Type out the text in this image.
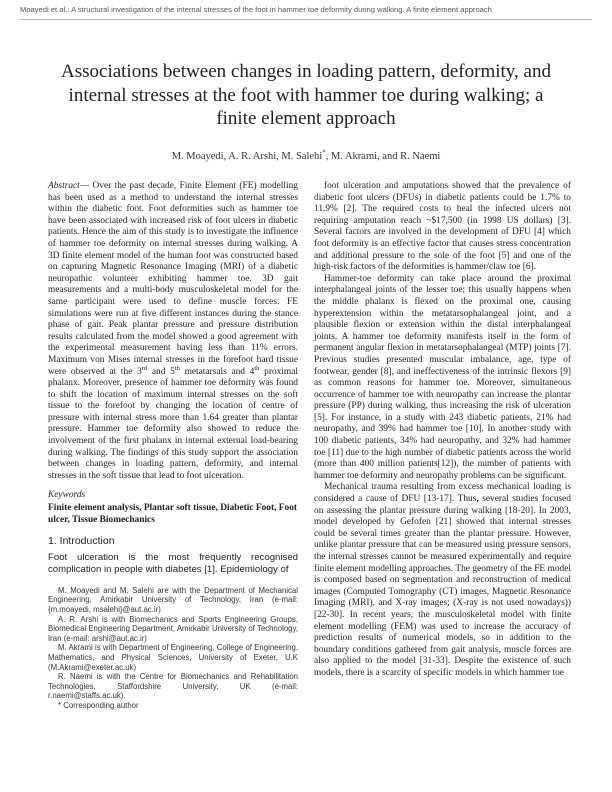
Moayedi et al.: A structural investigation of the internal stresses of the foot in hammer toe deformity during walking. A finite element approach
Associations between changes in loading pattern, deformity, and internal stresses at the foot with hammer toe during walking; a finite element approach
M. Moayedi, A. R. Arshi, M. Salehi*, M. Akrami, and R. Naemi

Abstract— Over the past decade, Finite Element (FE) modelling has been used as a method to understand the internal stresses within the diabetic foot. Foot deformities such as hammer toe have been associated with increased risk of foot ulcers in diabetic patients. Hence the aim of this study is to investigate the influence of hammer toe deformity on internal stresses during walking. A 3D finite element model of the human foot was constructed based on capturing Magnetic Resonance Imaging (MRI) of a diabetic neuropathic volunteer exhibiting hammer toe. 3D gait measurements and a multi-body musculoskeletal model for the same participant were used to define muscle forces. FE simulations were run at five different instances during the stance phase of gait. Peak plantar pressure and pressure distribution results calculated from the model showed a good agreement with the experimental measurement having less than 11% errors. Maximum von Mises internal stresses in the forefoot hard tissue were observed at the 3rd and 5th metatarsals and 4th proximal phalanx. Moreover, presence of hammer toe deformity was found to shift the location of maximum internal stresses on the soft tissue to the forefoot by changing the location of centre of pressure with internal stress more than 1.64 greater than plantar pressure. Hammer toe deformity also showed to reduce the involvement of the first phalanx in internal external load-bearing during walking. The findings of this study support the association between changes in loading pattern, deformity, and internal stresses in the soft tissue that lead to foot ulceration.

Keywords

Finite element analysis, Plantar soft tissue, Diabetic Foot, Foot ulcer, Tissue Biomechanics

1. Introduction

Foot ulceration is the most frequently recognised complication in people with diabetes [1]. Epidemiology of

M. Moayedi and M. Salehi are with the Department of Mechanical Engineering, Amirkabir University of Technology, Iran (e-mail:{m.moayedi, msalehi}@aut.ac.ir)

A. R. Arshi is with Biomechanics and Sports Engineering Groups, Biomedical Engineering Department, Amirkabir University of Technology, Iran (e-mail: arshi@aut.ac.ir)

M. Akrami is with Department of Engineering, College of Engineering, Mathematics, and Physical Sciences, University of Exeter, U.K (M.Akrami@exeter.ac.uk)

R. Naemi is with the Centre for Biomechanics and Rehabilitation Technologies, Staffordshire University, UK (e-mail: r.naemi@staffs.ac.uk).

* Corresponding author

foot ulceration and amputations showed that the prevalence of diabetic foot ulcers (DFUs) in diabetic patients could be 1.7% to 11.9% [2]. The required costs to heal the infected ulcers not requiring amputation reach ~$17,500 (in 1998 US dollars) [3]. Several factors are involved in the development of DFU [4] which foot deformity is an effective factor that causes stress concentration and additional pressure to the sole of the foot [5] and one of the high-risk factors of the deformities is hammer/claw toe [6].

Hammer-toe deformity can take place around the proximal interphalangeal joints of the lesser toe; this usually happens when the middle phalanx is flexed on the proximal one, causing hyperextension within the metatarsophalangeal joint, and a plausible flexion or extension within the distal interphalangeal joints. A hammer toe deformity manifests itself in the form of permanent angular flexion in metatarsophalangeal (MTP) joints [7]. Previous studies presented muscular imbalance, age, type of footwear, gender [8], and ineffectiveness of the intrinsic flexors [9] as common reasons for hammer toe. Moreover, simultaneous occurrence of hammer toe with neuropathy can increase the plantar pressure (PP) during walking, thus increasing the risk of ulceration [5]. For instance, in a study with 243 diabetic patients, 21% had neuropathy, and 39% had hammer toe [10]. In another study with 100 diabetic patients, 34% had neuropathy, and 32% had hammer toe [11] due to the high number of diabetic patients across the world (more than 400 million patients[12]), the number of patients with hammer toe deformity and neuropathy problems can be significant.

Mechanical trauma resulting from excess mechanical loading is considered a cause of DFU [13-17]. Thus, several studies focused on assessing the plantar pressure during walking [18-20]. In 2003, model developed by Gefofen [21] showed that internal stresses could be several times greater than the plantar pressure. However, unlike plantar pressure that can be measured using pressure sensors, the internal stresses cannot be measured experimentally and require finite element modelling approaches. The geometry of the FE model is composed based on segmentation and reconstruction of medical images (Computed Tomography (CT) images, Magnetic Resonance Imaging (MRI), and X-ray images; (X-ray is not used nowadays)) [22-30]. In recent years, the musculoskeletal model with finite element modelling (FEM) was used to increase the accuracy of prediction results of numerical models, so in addition to the boundary conditions gathered from gait analysis, muscle forces are also applied to the model [31-33]. Despite the existence of such models, there is a scarcity of specific models in which hammer toe
